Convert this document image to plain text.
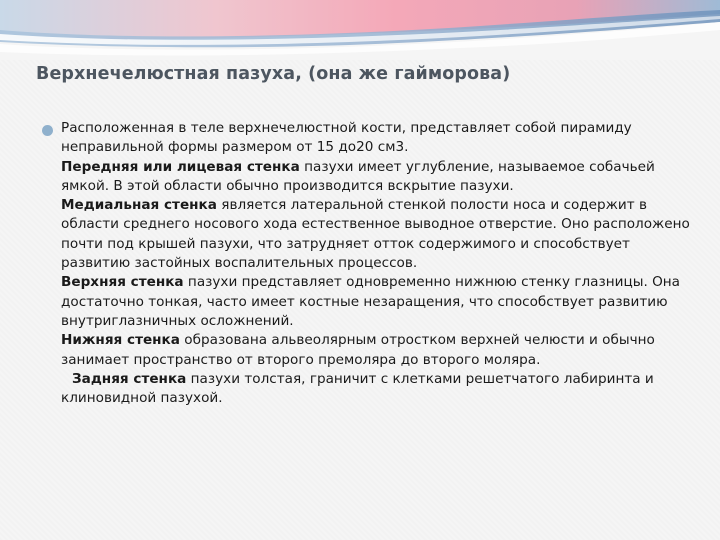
Верхнечелюстная пазуха, (она же гайморова)

Расположенная в теле верхнечелюстной кости, представляет собой пирамиду неправильной формы размером от 15 до20 см3.

Передняя или лицевая стенка пазухи имеет углубление, называемое собачьей ямкой. В этой области обычно производится вскрытие пазухи.

Медиальная стенка является латеральной стенкой полости носа и содержит в области среднего носового хода естественное выводное отверстие. Оно расположено почти под крышей пазухи, что затрудняет отток содержимого и способствует развитию застойных воспалительных процессов.

Верхняя стенка пазухи представляет одновременно нижнюю стенку глазницы. Она достаточно тонкая, часто имеет костные незаращения, что способствует развитию внутриглазничных осложнений.

Нижняя стенка образована альвеолярным отростком верхней челюсти и обычно занимает пространство от второго премоляра до второго моляра.

Задняя стенка пазухи толстая, граничит с клетками решетчатого лабиринта и клиновидной пазухой.
